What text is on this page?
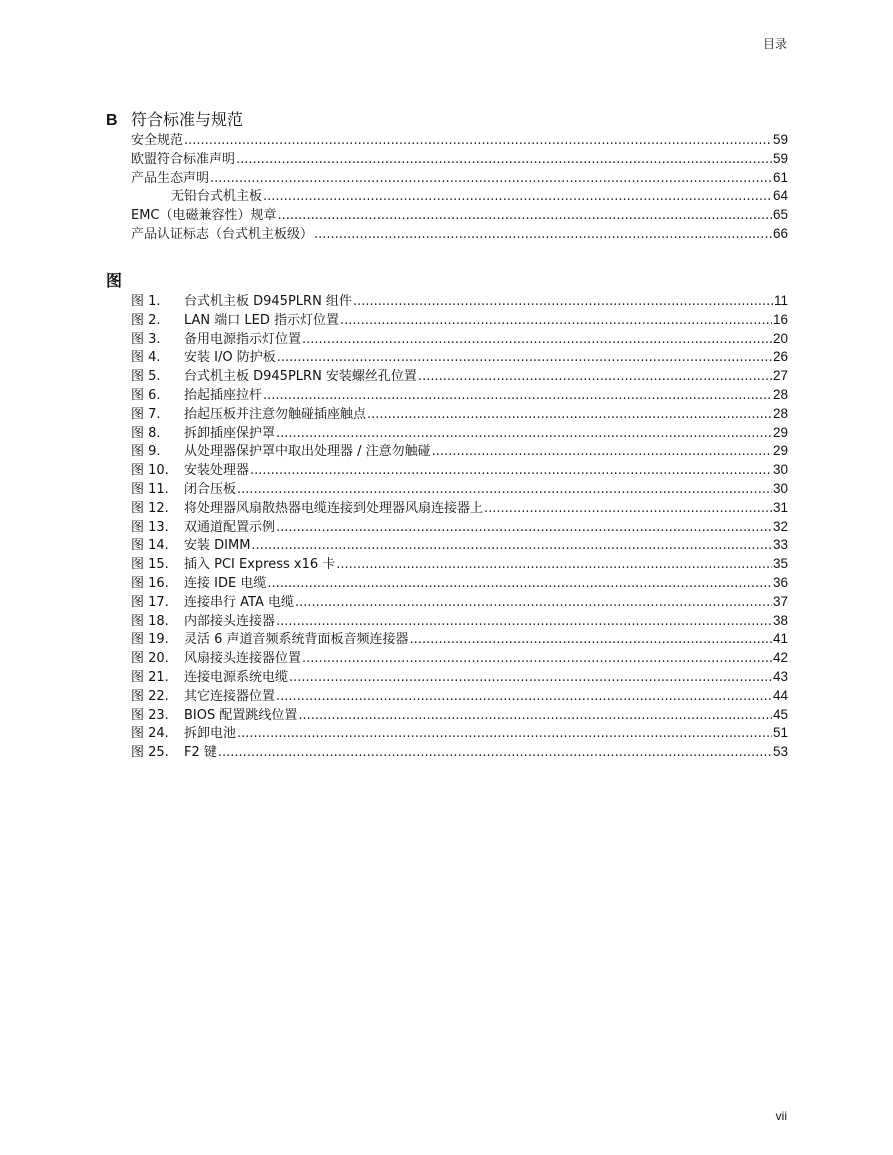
目录
B 符合标准与规范
安全规范 .....	59
欧盟符合标准声明 .....	59
产品生态声明 .....	61
无铅台式机主板 .....	64
EMC（电磁兼容性）规章 .....	65
产品认证标志（台式机主板级） .....	66
图
图 1.	台式机主板 D945PLRN 组件 .....	11
图 2.	LAN 端口 LED 指示灯位置 .....	16
图 3.	备用电源指示灯位置 .....	20
图 4.	安装 I/O 防护板 .....	26
图 5.	台式机主板 D945PLRN 安装螺丝孔位置 .....	27
图 6.	抬起插座拉杆 .....	28
图 7.	抬起压板并注意勿触碰插座触点 .....	28
图 8.	拆卸插座保护罩 .....	29
图 9.	从处理器保护罩中取出处理器 / 注意勿触碰 .....	29
图 10.	安装处理器 .....	30
图 11.	闭合压板 .....	30
图 12.	将处理器风扇散热器电缆连接到处理器风扇连接器上 .....	31
图 13.	双通道配置示例 .....	32
图 14.	安装 DIMM .....	33
图 15.	插入 PCI Express x16 卡 .....	35
图 16.	连接 IDE 电缆 .....	36
图 17.	连接串行 ATA 电缆 .....	37
图 18.	内部接头连接器 .....	38
图 19.	灵活 6 声道音频系统背面板音频连接器 .....	41
图 20.	风扇接头连接器位置 .....	42
图 21.	连接电源系统电缆 .....	43
图 22.	其它连接器位置 .....	44
图 23.	BIOS 配置跳线位置 .....	45
图 24.	拆卸电池 .....	51
图 25.	F2 键 .....	53
vii
